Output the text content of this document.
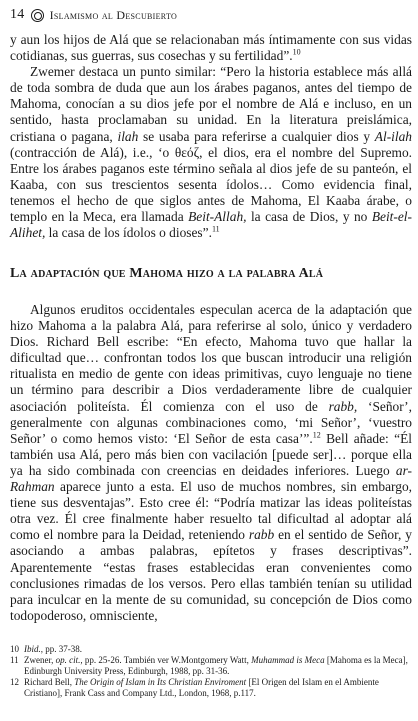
14 Islamismo al Descubierto

y aun los hijos de Alá que se relacionaban más íntimamente con sus vidas cotidianas, sus guerras, sus cosechas y su fertilidad”.$^{10}$

Zwemer destaca un punto similar: “Pero la historia establece más allá de toda sombra de duda que aun los árabes paganos, antes del tiempo de Mahoma, conocían a su dios jefe por el nombre de Alá e incluso, en un sentido, hasta proclamaban su unidad. En la literatura preislámica, cristiana o pagana, ilah se usaba para referirse a cualquier dios y Al-ilah (contracción de Alá), i.e., ‘o θεόζ, el dios, era el nombre del Supremo. Entre los árabes paganos este término señala al dios jefe de su panteón, el Kaaba, con sus trescientos sesenta ídolos… Como evidencia final, tenemos el hecho de que siglos antes de Mahoma, El Kaaba árabe, o templo en la Meca, era llamada Beit-Allah, la casa de Dios, y no Beit-el-Alihet, la casa de los ídolos o dioses”.$^{11}$

La adaptación que Mahoma hizo a la palabra Alá

Algunos eruditos occidentales especulan acerca de la adaptación que hizo Mahoma a la palabra Alá, para referirse al solo, único y verdadero Dios. Richard Bell escribe: “En efecto, Mahoma tuvo que hallar la dificultad que… confrontan todos los que buscan introducir una religión ritualista en medio de gente con ideas primitivas, cuyo lenguaje no tiene un término para describir a Dios verdaderamente libre de cualquier asociación politeísta. Él comienza con el uso de rabb, ‘Señor’, generalmente con algunas combinaciones como, ‘mi Señor’, ‘vuestro Señor’ o como hemos visto: ‘El Señor de esta casa’”.$^{12}$ Bell añade: “Él también usa Alá, pero más bien con vacilación [puede ser]… porque ella ya ha sido combinada con creencias en deidades inferiores. Luego ar-Rahman aparece junto a esta. El uso de muchos nombres, sin embargo, tiene sus desventajas”. Esto cree él: “Podría matizar las ideas politeístas otra vez. Él cree finalmente haber resuelto tal dificultad al adoptar alá como el nombre para la Deidad, reteniendo rabb en el sentido de Señor, y asociando a ambas palabras, epítetos y frases descriptivas”. Aparentemente “estas frases establecidas eran convenientes como conclusiones rimadas de los versos. Pero ellas también tenían su utilidad para inculcar en la mente de su comunidad, su concepción de Dios como todopoderoso, omnisciente,

10 Ibid., pp. 37-38.
11 Zwener, op. cit., pp. 25-26. También ver W.Montgomery Watt, Muhammad is Meca [Mahoma es la Meca], Edinburgh University Press, Edinburgh, 1988, pp. 31-36.
12 Richard Bell, The Origin of Islam in Its Christian Enviroment [El Origen del Islam en el Ambiente Cristiano], Frank Cass and Company Ltd., London, 1968, p.117.
